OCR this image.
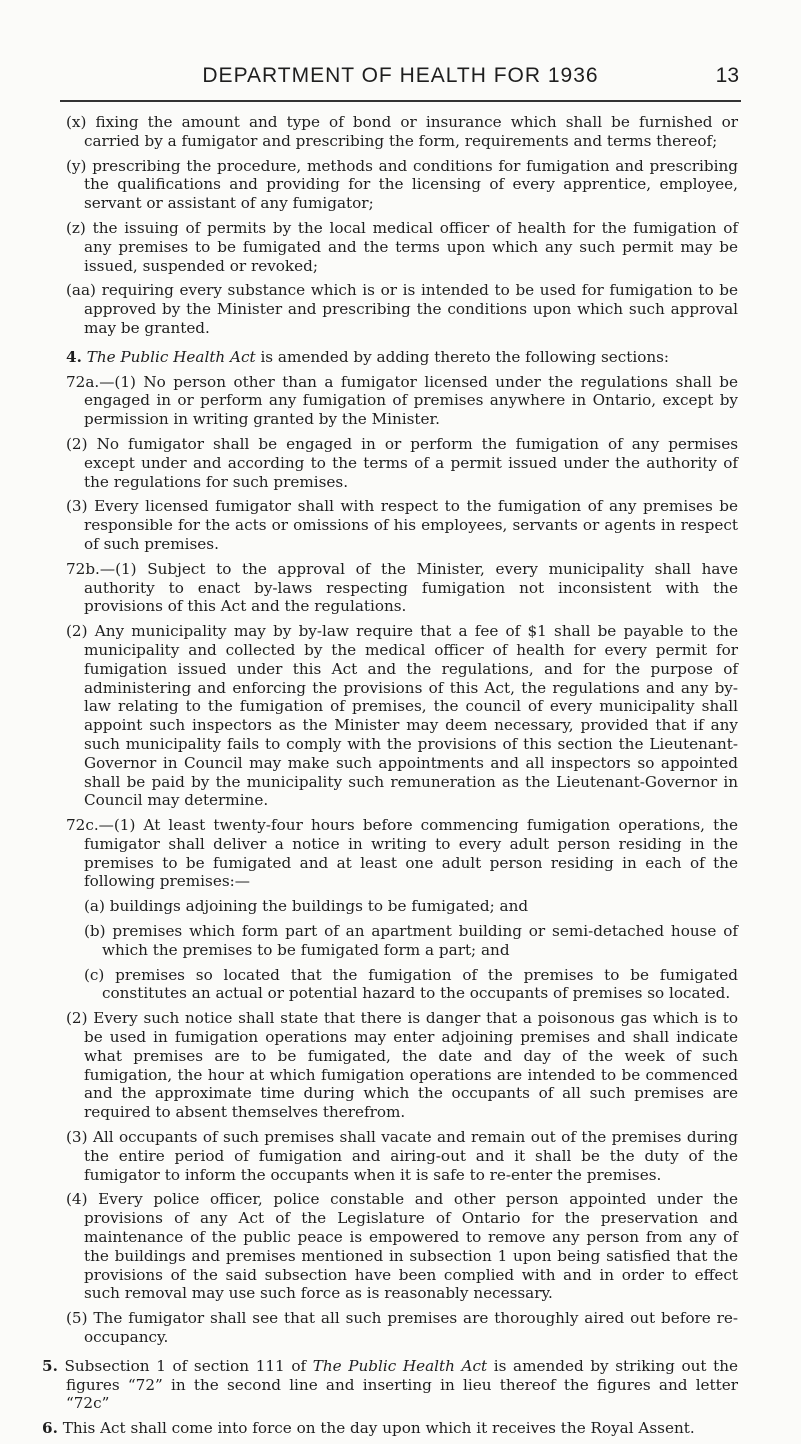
DEPARTMENT OF HEALTH FOR 1936	13

(x) fixing the amount and type of bond or insurance which shall be furnished or carried by a fumigator and prescribing the form, requirements and terms thereof;

(y) prescribing the procedure, methods and conditions for fumigation and prescribing the qualifications and providing for the licensing of every apprentice, employee, servant or assistant of any fumigator;

(z) the issuing of permits by the local medical officer of health for the fumigation of any premises to be fumigated and the terms upon which any such permit may be issued, suspended or revoked;

(aa) requiring every substance which is or is intended to be used for fumigation to be approved by the Minister and prescribing the conditions upon which such approval may be granted.

4. The Public Health Act is amended by adding thereto the following sections:

72a.—(1) No person other than a fumigator licensed under the regulations shall be engaged in or perform any fumigation of premises anywhere in Ontario, except by permission in writing granted by the Minister.

(2) No fumigator shall be engaged in or perform the fumigation of any permises except under and according to the terms of a permit issued under the authority of the regulations for such premises.

(3) Every licensed fumigator shall with respect to the fumigation of any premises be responsible for the acts or omissions of his employees, servants or agents in respect of such premises.

72b.—(1) Subject to the approval of the Minister, every municipality shall have authority to enact by-laws respecting fumigation not inconsistent with the provisions of this Act and the regulations.

(2) Any municipality may by by-law require that a fee of $1 shall be payable to the municipality and collected by the medical officer of health for every permit for fumigation issued under this Act and the regulations, and for the purpose of administering and enforcing the provisions of this Act, the regulations and any by-law relating to the fumigation of premises, the council of every municipality shall appoint such inspectors as the Minister may deem necessary, provided that if any such municipality fails to comply with the provisions of this section the Lieutenant-Governor in Council may make such appointments and all inspectors so appointed shall be paid by the municipality such remuneration as the Lieutenant-Governor in Council may determine.

72c.—(1) At least twenty-four hours before commencing fumigation operations, the fumigator shall deliver a notice in writing to every adult person residing in the premises to be fumigated and at least one adult person residing in each of the following premises:—

(a) buildings adjoining the buildings to be fumigated; and

(b) premises which form part of an apartment building or semi-detached house of which the premises to be fumigated form a part; and

(c) premises so located that the fumigation of the premises to be fumigated constitutes an actual or potential hazard to the occupants of premises so located.

(2) Every such notice shall state that there is danger that a poisonous gas which is to be used in fumigation operations may enter adjoining premises and shall indicate what premises are to be fumigated, the date and day of the week of such fumigation, the hour at which fumigation operations are intended to be commenced and the approximate time during which the occupants of all such premises are required to absent themselves therefrom.

(3) All occupants of such premises shall vacate and remain out of the premises during the entire period of fumigation and airing-out and it shall be the duty of the fumigator to inform the occupants when it is safe to re-enter the premises.

(4) Every police officer, police constable and other person appointed under the provisions of any Act of the Legislature of Ontario for the preservation and maintenance of the public peace is empowered to remove any person from any of the buildings and premises mentioned in subsection 1 upon being satisfied that the provisions of the said subsection have been complied with and in order to effect such removal may use such force as is reasonably necessary.

(5) The fumigator shall see that all such premises are thoroughly aired out before re-occupancy.

5. Subsection 1 of section 111 of The Public Health Act is amended by striking out the figures “72” in the second line and inserting in lieu thereof the figures and letter “72c”

6. This Act shall come into force on the day upon which it receives the Royal Assent.
